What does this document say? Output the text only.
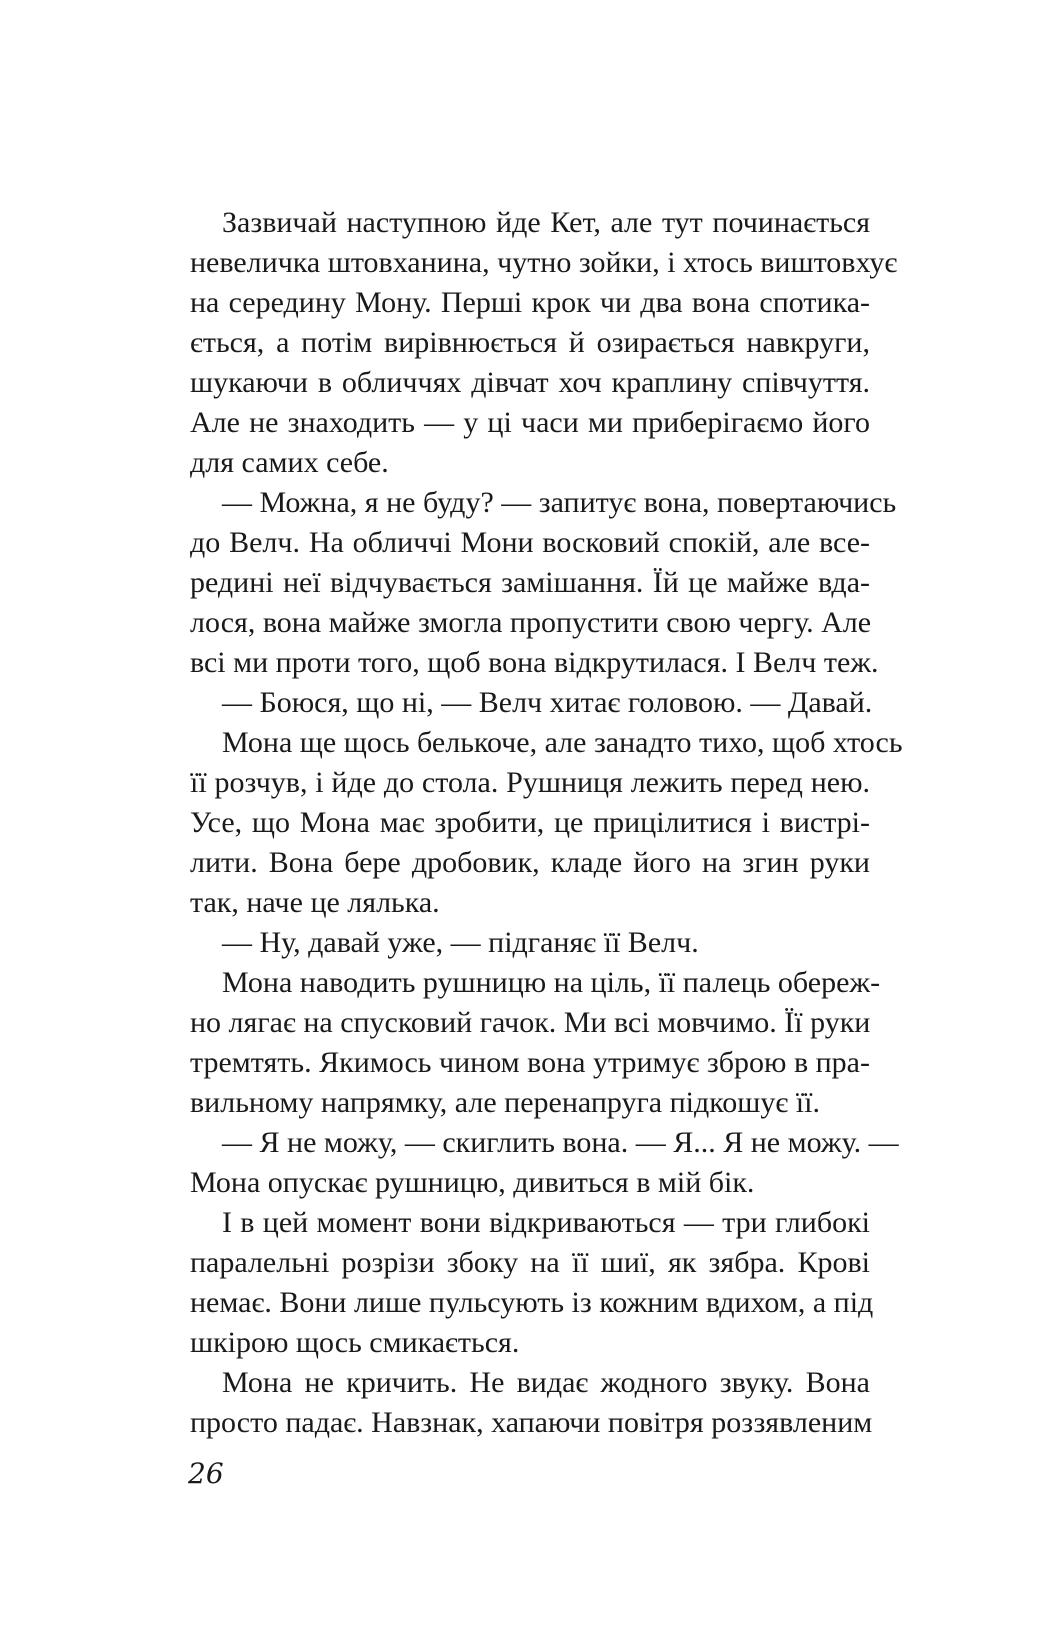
Зазвичай наступною йде Кет, але тут починається
невеличка штовханина, чутно зойки, і хтось виштовхує
на середину Мону. Перші крок чи два вона спотика-
ється, а потім вирівнюється й озирається навкруги,
шукаючи в обличчях дівчат хоч краплину співчуття.
Але не знаходить — у ці часи ми приберігаємо його
для самих себе.
— Можна, я не буду? — запитує вона, повертаючись
до Велч. На обличчі Мони восковий спокій, але все-
редині неї відчувається замішання. Їй це майже вда-
лося, вона майже змогла пропустити свою чергу. Але
всі ми проти того, щоб вона відкрутилася. І Велч теж.
— Боюся, що ні, — Велч хитає головою. — Давай.
Мона ще щось белькоче, але занадто тихо, щоб хтось
її розчув, і йде до стола. Рушниця лежить перед нею.
Усе, що Мона має зробити, це прицілитися і вистрі-
лити. Вона бере дробовик, кладе його на згин руки
так, наче це лялька.
— Ну, давай уже, — підганяє її Велч.
Мона наводить рушницю на ціль, її палець обереж-
но лягає на спусковий гачок. Ми всі мовчимо. Її руки
тремтять. Якимось чином вона утримує зброю в пра-
вильному напрямку, але перенапруга підкошує її.
— Я не можу, — скиглить вона. — Я... Я не можу. —
Мона опускає рушницю, дивиться в мій бік.
І в цей момент вони відкриваються — три глибокі
паралельні розрізи збоку на її шиї, як зябра. Крові
немає. Вони лише пульсують із кожним вдихом, а під
шкірою щось смикається.
Мона не кричить. Не видає жодного звуку. Вона
просто падає. Навзнак, хапаючи повітря роззявленим
26
